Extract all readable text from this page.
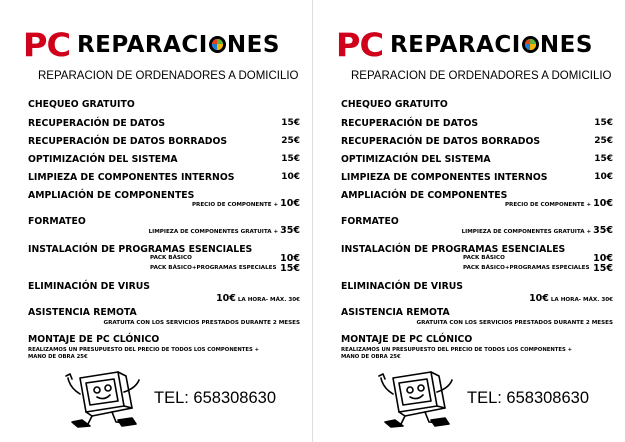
PC REPARACI NES
REPARACION DE ORDENADORES A DOMICILIO
CHEQUEO GRATUITO
RECUPERACIÓN DE DATOS	15€
RECUPERACIÓN DE DATOS BORRADOS	25€
OPTIMIZACIÓN DEL SISTEMA	15€
LIMPIEZA DE COMPONENTES INTERNOS	10€
AMPLIACIÓN DE COMPONENTES
PRECIO DE COMPONENTE + 10€
FORMATEO
LIMPIEZA DE COMPONENTES GRATUITA + 35€
INSTALACIÓN DE PROGRAMAS ESENCIALES
PACK BÁSICO	10€
PACK BÁSICO+PROGRAMAS ESPECIALES 15€
ELIMINACIÓN DE VIRUS
10€ LA HORA- MÁX. 30€
ASISTENCIA REMOTA
GRATUITA CON LOS SERVICIOS PRESTADOS DURANTE 2 MESES
MONTAJE DE PC CLÓNICO
REALIZAMOS UN PRESUPUESTO DEL PRECIO DE TODOS LOS COMPONENTES + MANO DE OBRA 25€
TEL: 658308630
PC REPARACI NES
REPARACION DE ORDENADORES A DOMICILIO
CHEQUEO GRATUITO
RECUPERACIÓN DE DATOS	15€
RECUPERACIÓN DE DATOS BORRADOS	25€
OPTIMIZACIÓN DEL SISTEMA	15€
LIMPIEZA DE COMPONENTES INTERNOS	10€
AMPLIACIÓN DE COMPONENTES
PRECIO DE COMPONENTE + 10€
FORMATEO
LIMPIEZA DE COMPONENTES GRATUITA + 35€
INSTALACIÓN DE PROGRAMAS ESENCIALES
PACK BÁSICO	10€
PACK BÁSICO+PROGRAMAS ESPECIALES 15€
ELIMINACIÓN DE VIRUS
10€ LA HORA- MÁX. 30€
ASISTENCIA REMOTA
GRATUITA CON LOS SERVICIOS PRESTADOS DURANTE 2 MESES
MONTAJE DE PC CLÓNICO
REALIZAMOS UN PRESUPUESTO DEL PRECIO DE TODOS LOS COMPONENTES + MANO DE OBRA 25€
TEL: 658308630
